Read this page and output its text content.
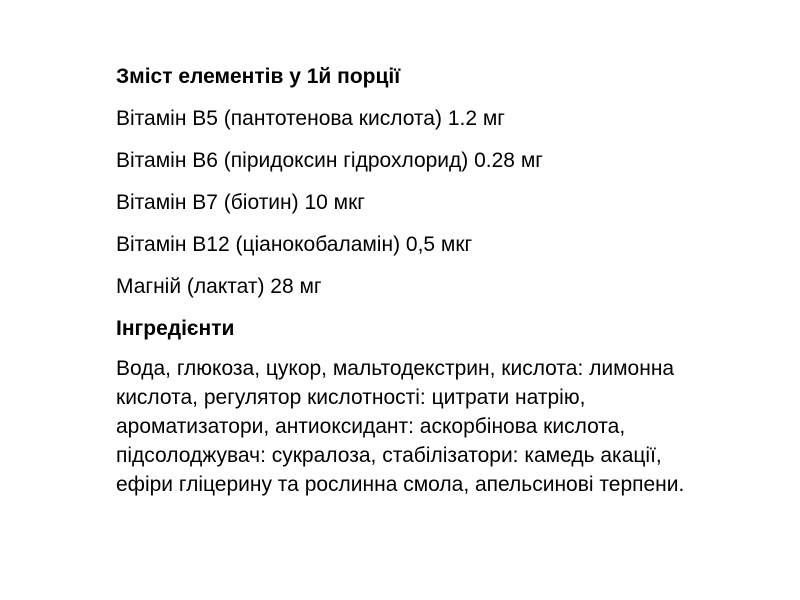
Зміст елементів у 1й порції
Вітамін B5 (пантотенова кислота) 1.2 мг
Вітамін B6 (піридоксин гідрохлорид) 0.28 мг
Вітамін B7 (біотин) 10 мкг
Вітамін B12 (ціанокобаламін) 0,5 мкг
Магній (лактат) 28 мг
Інгредієнти

Вода, глюкоза, цукор, мальтодекстрин, кислота: лимонна кислота, регулятор кислотності: цитрати натрію, ароматизатори, антиоксидант: аскорбінова кислота, підсолоджувач: сукралоза, стабілізатори: камедь акації, ефіри гліцерину та рослинна смола, апельсинові терпени.
